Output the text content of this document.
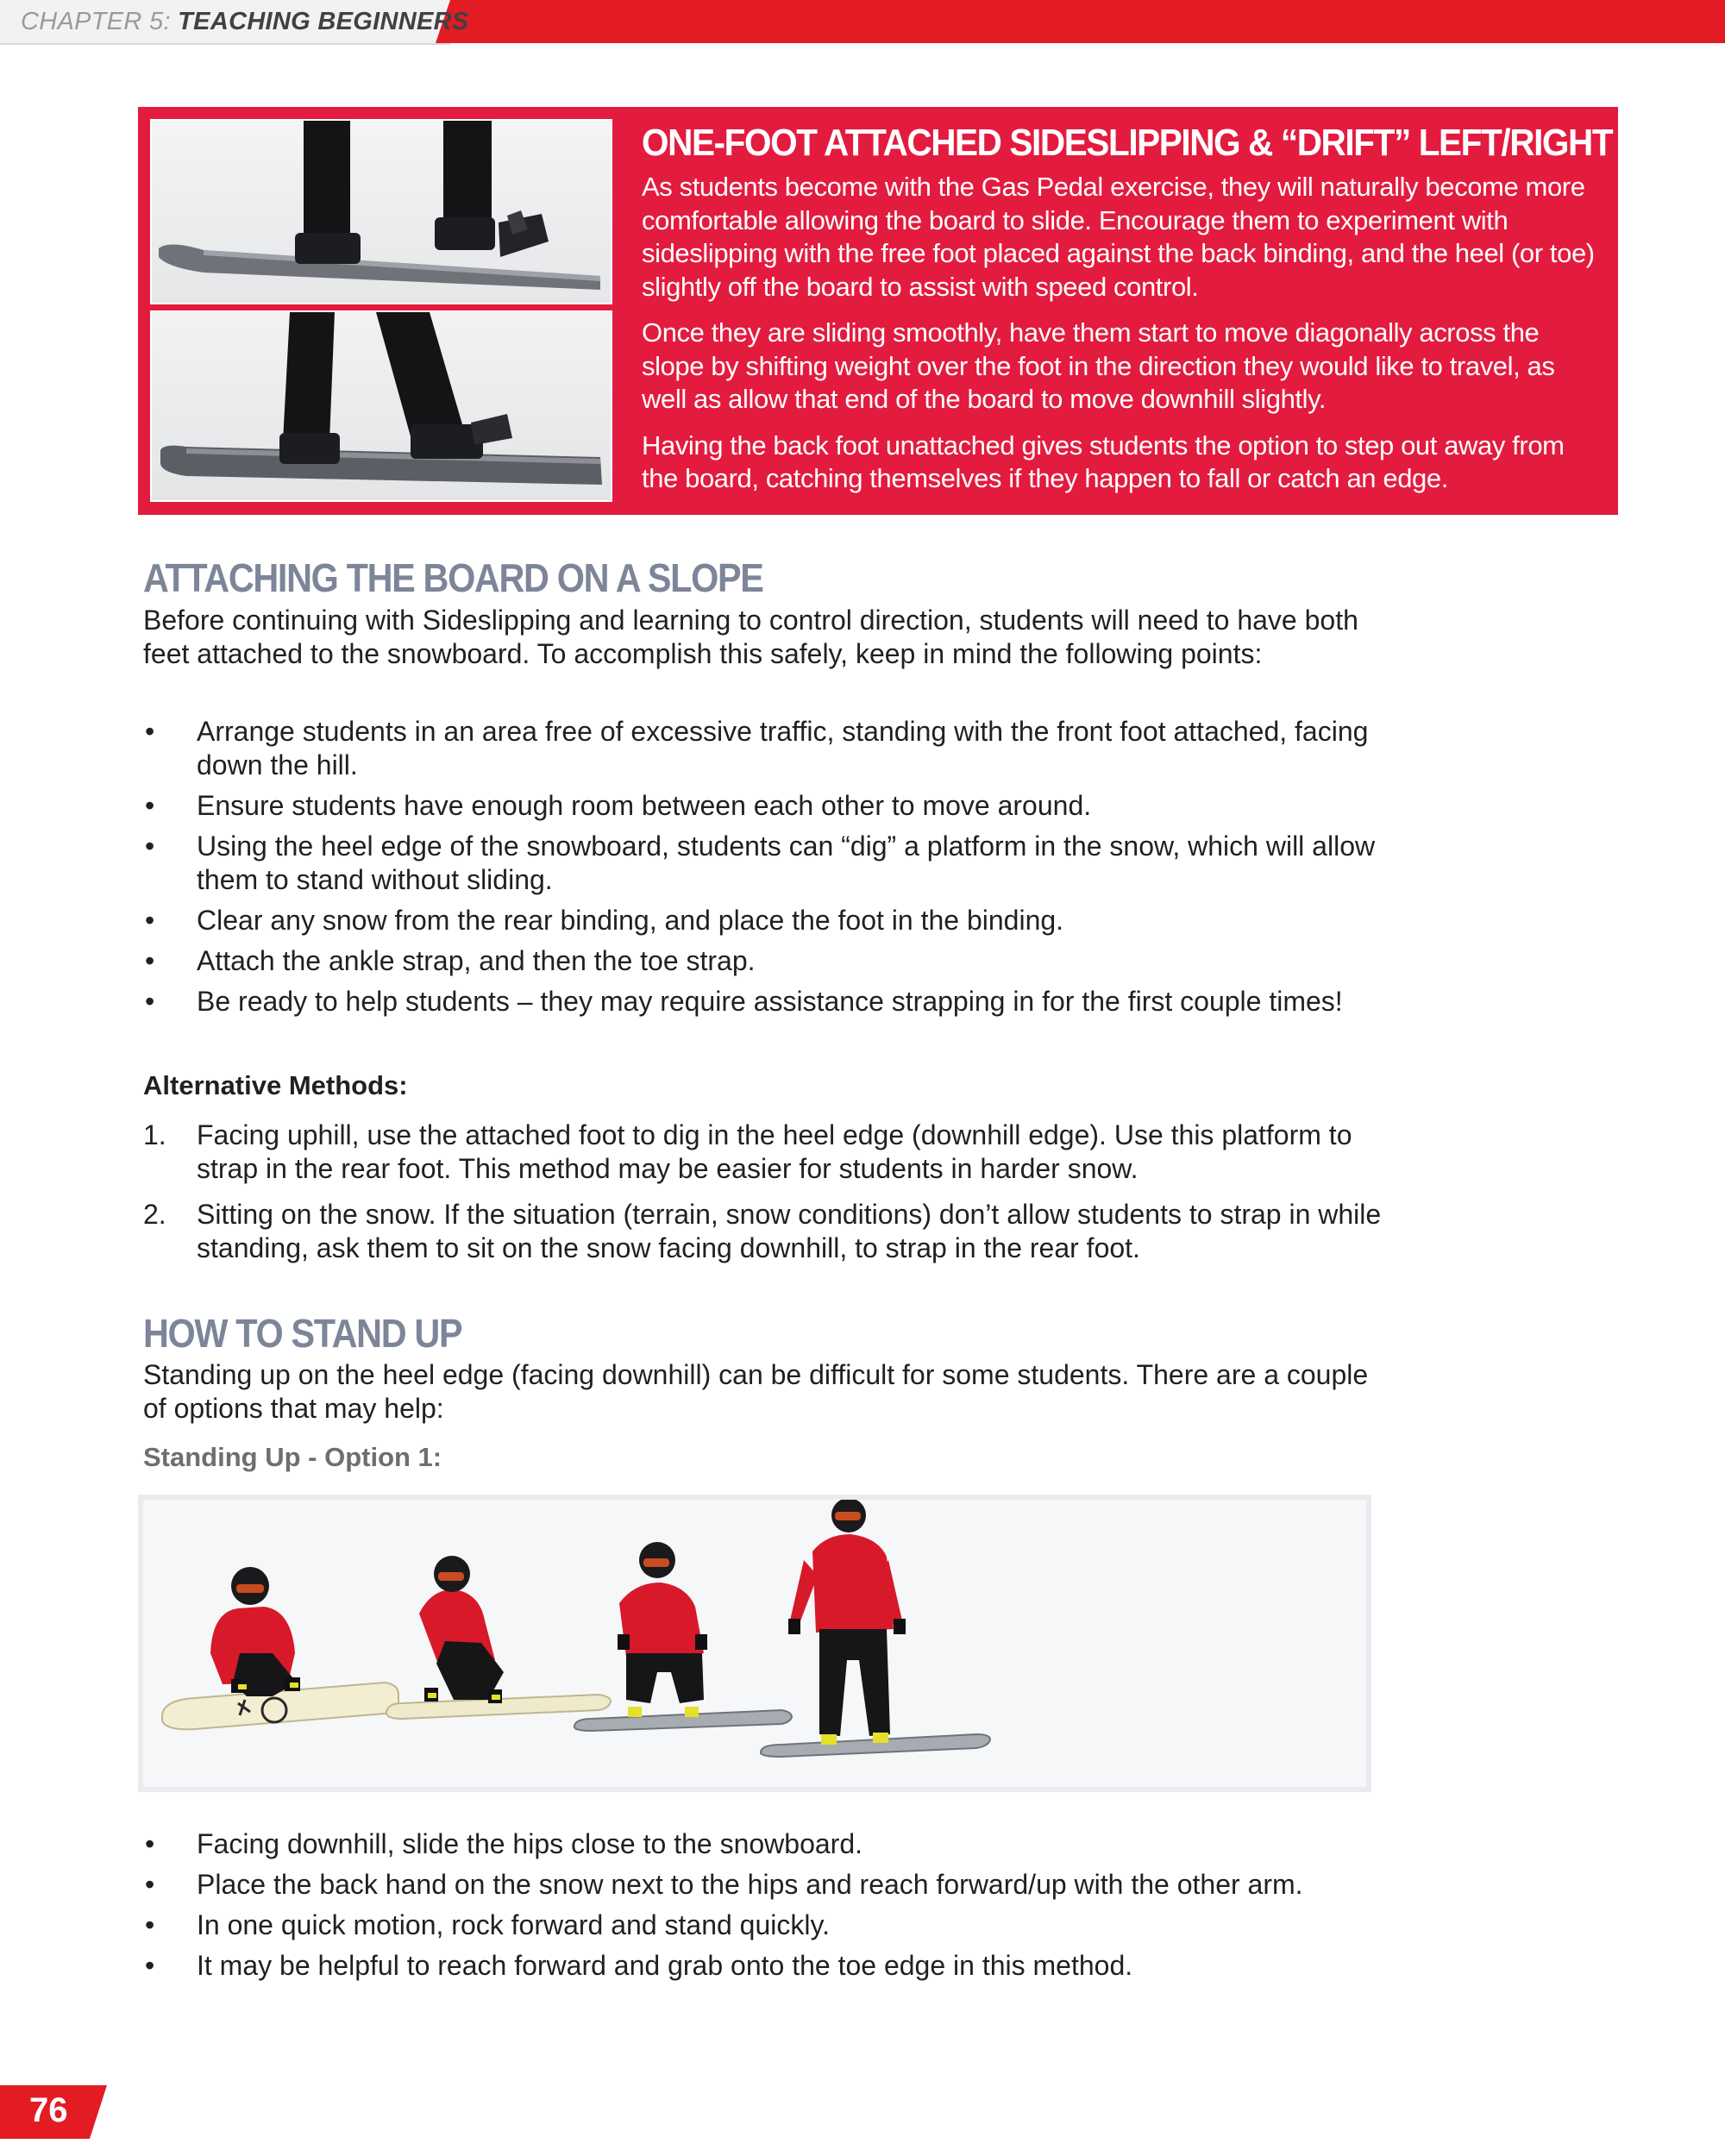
CHAPTER 5: TEACHING BEGINNERS
ONE-FOOT ATTACHED SIDESLIPPING & “DRIFT” LEFT/RIGHT

As students become with the Gas Pedal exercise, they will naturally become more comfortable allowing the board to slide. Encourage them to experiment with sideslipping with the free foot placed against the back binding, and the heel (or toe) slightly off the board to assist with speed control.

Once they are sliding smoothly, have them start to move diagonally across the slope by shifting weight over the foot in the direction they would like to travel, as well as allow that end of the board to move downhill slightly.

Having the back foot unattached gives students the option to step out away from the board, catching themselves if they happen to fall or catch an edge.

ATTACHING THE BOARD ON A SLOPE
Before continuing with Sideslipping and learning to control direction, students will need to have both feet attached to the snowboard. To accomplish this safely, keep in mind the following points:
• Arrange students in an area free of excessive traffic, standing with the front foot attached, facing down the hill.
• Ensure students have enough room between each other to move around.
• Using the heel edge of the snowboard, students can “dig” a platform in the snow, which will allow them to stand without sliding.
• Clear any snow from the rear binding, and place the foot in the binding.
• Attach the ankle strap, and then the toe strap.
• Be ready to help students – they may require assistance strapping in for the first couple times!
Alternative Methods:
1. Facing uphill, use the attached foot to dig in the heel edge (downhill edge). Use this platform to strap in the rear foot. This method may be easier for students in harder snow.
2. Sitting on the snow. If the situation (terrain, snow conditions) don’t allow students to strap in while standing, ask them to sit on the snow facing downhill, to strap in the rear foot.
HOW TO STAND UP
Standing up on the heel edge (facing downhill) can be difficult for some students. There are a couple of options that may help:
Standing Up - Option 1:
• Facing downhill, slide the hips close to the snowboard.
• Place the back hand on the snow next to the hips and reach forward/up with the other arm.
• In one quick motion, rock forward and stand quickly.
• It may be helpful to reach forward and grab onto the toe edge in this method.
76
